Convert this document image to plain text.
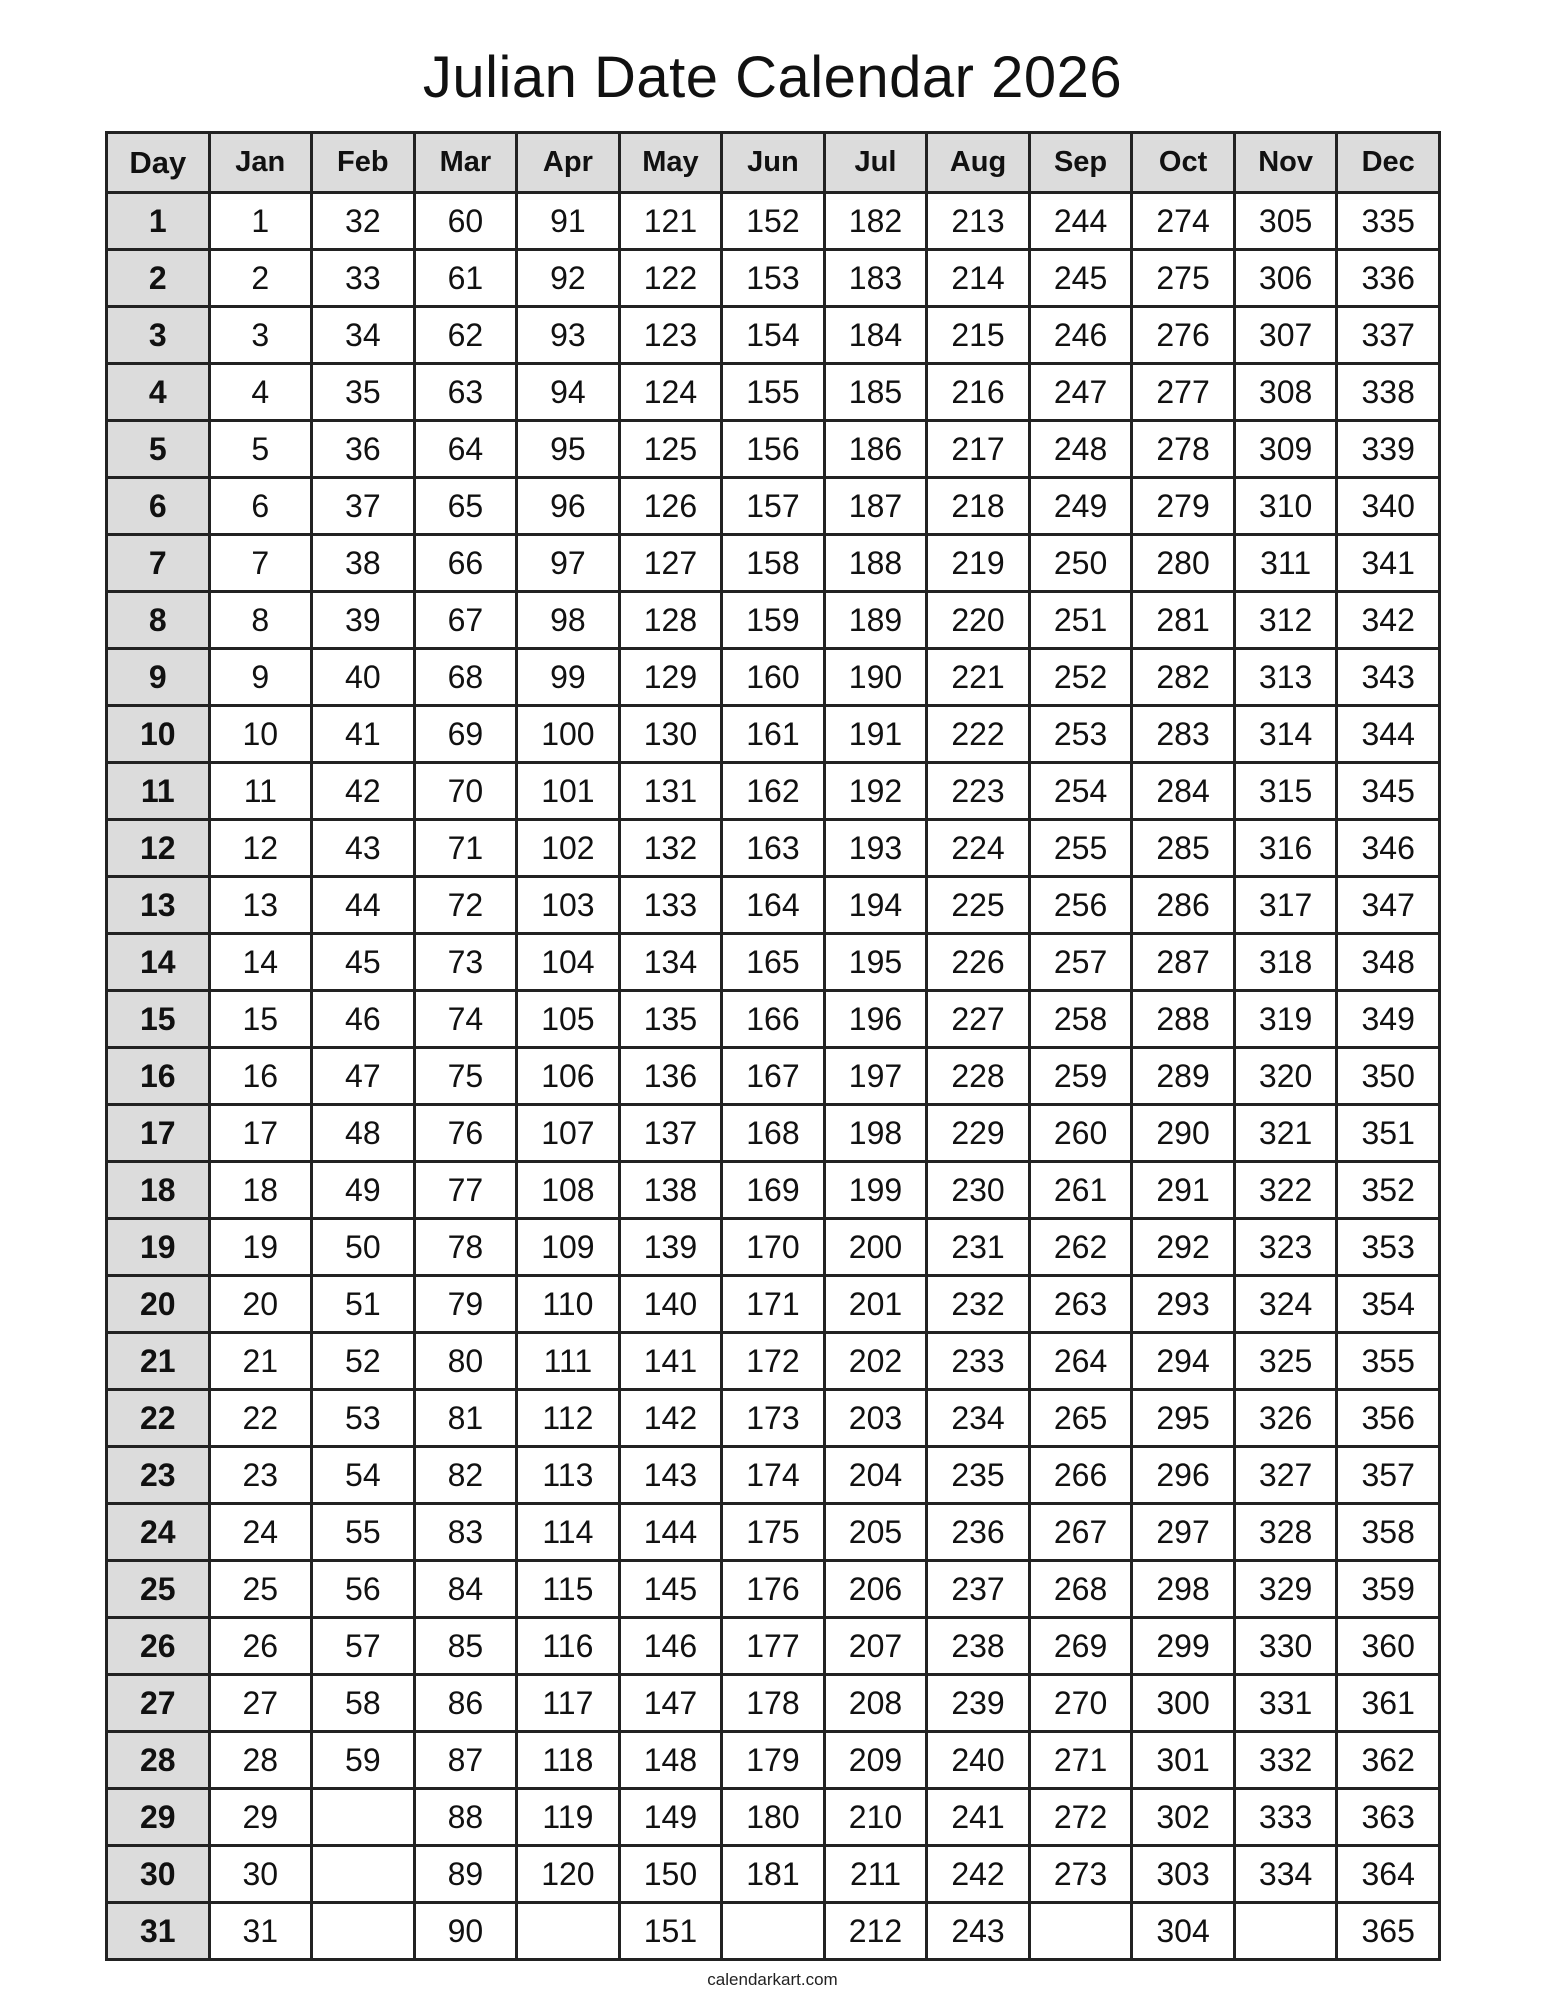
Julian Date Calendar 2026
Day	Jan	Feb	Mar	Apr	May	Jun	Jul	Aug	Sep	Oct	Nov	Dec
1	1	32	60	91	121	152	182	213	244	274	305	335
2	2	33	61	92	122	153	183	214	245	275	306	336
3	3	34	62	93	123	154	184	215	246	276	307	337
4	4	35	63	94	124	155	185	216	247	277	308	338
5	5	36	64	95	125	156	186	217	248	278	309	339
6	6	37	65	96	126	157	187	218	249	279	310	340
7	7	38	66	97	127	158	188	219	250	280	311	341
8	8	39	67	98	128	159	189	220	251	281	312	342
9	9	40	68	99	129	160	190	221	252	282	313	343
10	10	41	69	100	130	161	191	222	253	283	314	344
11	11	42	70	101	131	162	192	223	254	284	315	345
12	12	43	71	102	132	163	193	224	255	285	316	346
13	13	44	72	103	133	164	194	225	256	286	317	347
14	14	45	73	104	134	165	195	226	257	287	318	348
15	15	46	74	105	135	166	196	227	258	288	319	349
16	16	47	75	106	136	167	197	228	259	289	320	350
17	17	48	76	107	137	168	198	229	260	290	321	351
18	18	49	77	108	138	169	199	230	261	291	322	352
19	19	50	78	109	139	170	200	231	262	292	323	353
20	20	51	79	110	140	171	201	232	263	293	324	354
21	21	52	80	111	141	172	202	233	264	294	325	355
22	22	53	81	112	142	173	203	234	265	295	326	356
23	23	54	82	113	143	174	204	235	266	296	327	357
24	24	55	83	114	144	175	205	236	267	297	328	358
25	25	56	84	115	145	176	206	237	268	298	329	359
26	26	57	85	116	146	177	207	238	269	299	330	360
27	27	58	86	117	147	178	208	239	270	300	331	361
28	28	59	87	118	148	179	209	240	271	301	332	362
29	29		88	119	149	180	210	241	272	302	333	363
30	30		89	120	150	181	211	242	273	303	334	364
31	31		90		151		212	243		304		365
calendarkart.com
